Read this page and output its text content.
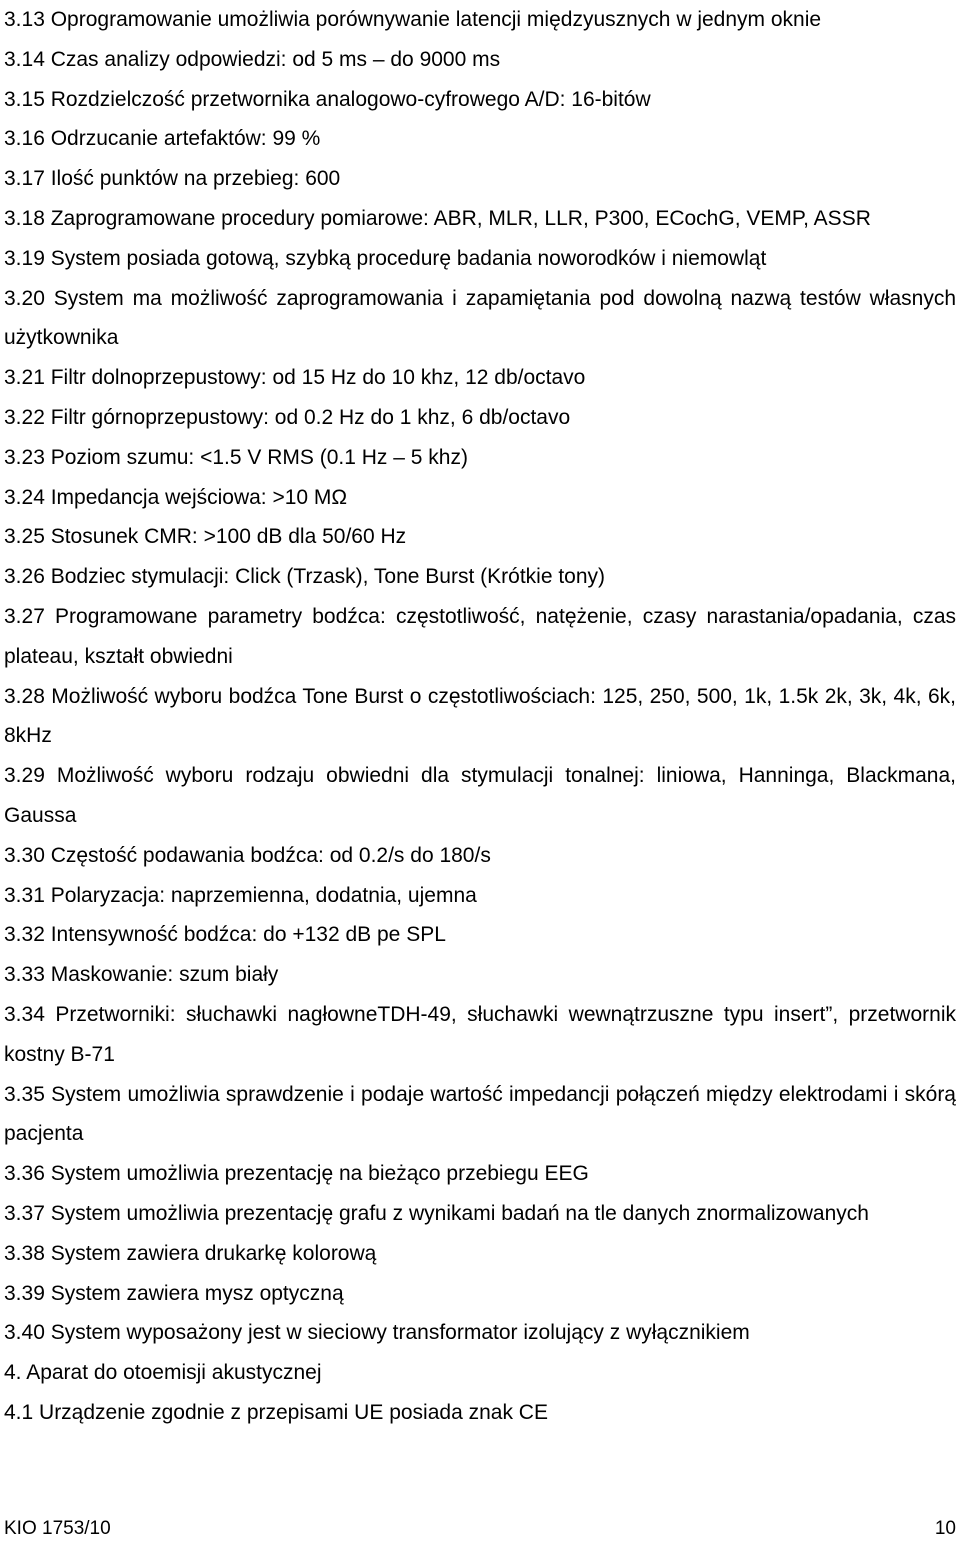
3.13 Oprogramowanie umożliwia porównywanie latencji międzyusznych w jednym oknie

3.14 Czas analizy odpowiedzi: od 5 ms – do 9000 ms

3.15 Rozdzielczość przetwornika analogowo-cyfrowego A/D: 16-bitów

3.16 Odrzucanie artefaktów: 99 %

3.17 Ilość punktów na przebieg: 600

3.18 Zaprogramowane procedury pomiarowe: ABR, MLR, LLR, P300, ECochG, VEMP, ASSR

3.19 System posiada gotową, szybką procedurę badania noworodków i niemowląt

3.20 System ma możliwość zaprogramowania i zapamiętania pod dowolną nazwą testów własnych użytkownika

3.21 Filtr dolnoprzepustowy: od 15 Hz do 10 khz, 12 db/octavo

3.22 Filtr górnoprzepustowy: od 0.2 Hz do 1 khz, 6 db/octavo

3.23 Poziom szumu: <1.5 V RMS (0.1 Hz – 5 khz)

3.24 Impedancja wejściowa: >10 MΩ

3.25 Stosunek CMR: >100 dB dla 50/60 Hz

3.26 Bodziec stymulacji: Click (Trzask), Tone Burst (Krótkie tony)

3.27 Programowane parametry bodźca: częstotliwość, natężenie, czasy narastania/opadania, czas plateau, kształt obwiedni

3.28 Możliwość wyboru bodźca Tone Burst o częstotliwościach: 125, 250, 500, 1k, 1.5k 2k, 3k, 4k, 6k, 8kHz

3.29 Możliwość wyboru rodzaju obwiedni dla stymulacji tonalnej: liniowa, Hanninga, Blackmana, Gaussa

3.30 Częstość podawania bodźca: od 0.2/s do 180/s

3.31 Polaryzacja: naprzemienna, dodatnia, ujemna

3.32 Intensywność bodźca: do +132 dB pe SPL

3.33 Maskowanie: szum biały

3.34 Przetworniki: słuchawki nagłowneTDH-49, słuchawki wewnątrzuszne typu insert”, przetwornik kostny B-71

3.35 System umożliwia sprawdzenie i podaje wartość impedancji połączeń między elektrodami i skórą pacjenta

3.36 System umożliwia prezentację na bieżąco przebiegu EEG

3.37 System umożliwia prezentację grafu z wynikami badań na tle danych znormalizowanych

3.38 System zawiera drukarkę kolorową

3.39 System zawiera mysz optyczną

3.40 System wyposażony jest w sieciowy transformator izolujący z wyłącznikiem

4. Aparat do otoemisji akustycznej

4.1 Urządzenie zgodnie z przepisami UE posiada znak CE

KIO 1753/10	10
